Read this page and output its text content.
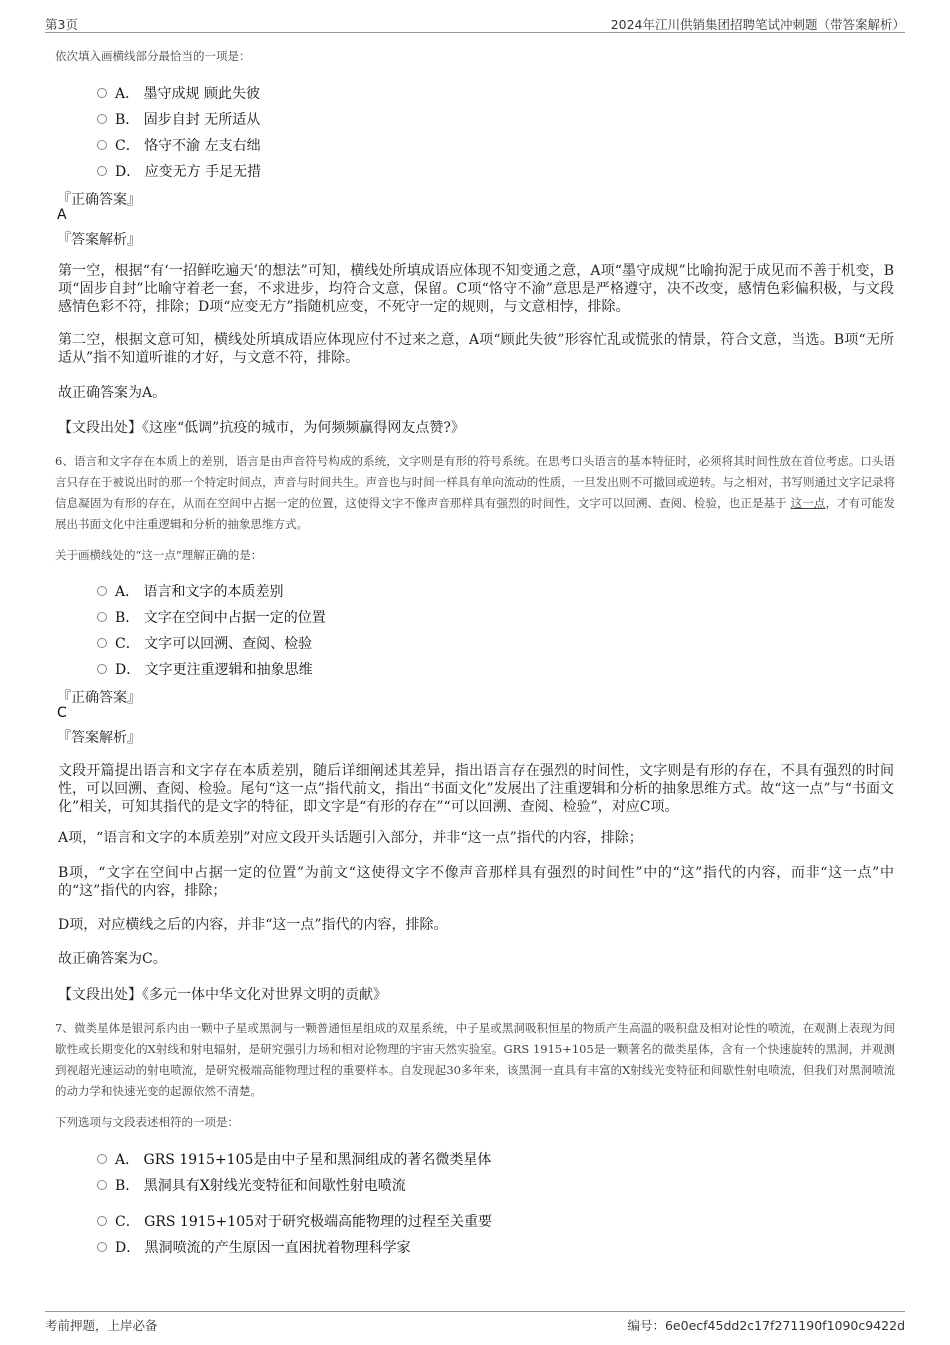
第3页	2024年江川供销集团招聘笔试冲刺题（带答案解析）
依次填入画横线部分最恰当的一项是：
A． 墨守成规 顾此失彼
B． 固步自封 无所适从
C． 恪守不渝 左支右绌
D． 应变无方 手足无措
『正确答案』
A
『答案解析』
第一空，根据“有‘一招鲜吃遍天’的想法”可知，横线处所填成语应体现不知变通之意，A项“墨守成规”比喻拘泥于成见而不善于机变，B项“固步自封”比喻守着老一套，不求进步，均符合文意，保留。C项“恪守不渝”意思是严格遵守，决不改变，感情色彩偏积极，与文段感情色彩不符，排除；D项“应变无方”指随机应变，不死守一定的规则，与文意相悖，排除。
第二空，根据文意可知，横线处所填成语应体现应付不过来之意，A项“顾此失彼”形容忙乱或慌张的情景，符合文意，当选。B项“无所适从”指不知道听谁的才好，与文意不符，排除。
故正确答案为A。
【文段出处】《这座“低调”抗疫的城市，为何频频赢得网友点赞?》
6、语言和文字存在本质上的差别，语言是由声音符号构成的系统，文字则是有形的符号系统。在思考口头语言的基本特征时，必须将其时间性放在首位考虑。口头语言只存在于被说出时的那一个特定时间点，声音与时间共生。声音也与时间一样具有单向流动的性质，一旦发出则不可撤回或逆转。与之相对，书写则通过文字记录将信息凝固为有形的存在，从而在空间中占据一定的位置，这使得文字不像声音那样具有强烈的时间性，文字可以回溯、查阅、检验，也正是基于 这一点，才有可能发展出书面文化中注重逻辑和分析的抽象思维方式。
关于画横线处的“这一点”理解正确的是：
A． 语言和文字的本质差别
B． 文字在空间中占据一定的位置
C． 文字可以回溯、查阅、检验
D． 文字更注重逻辑和抽象思维
『正确答案』
C
『答案解析』
文段开篇提出语言和文字存在本质差别，随后详细阐述其差异，指出语言存在强烈的时间性，文字则是有形的存在，不具有强烈的时间性，可以回溯、查阅、检验。尾句“这一点”指代前文，指出“书面文化”发展出了注重逻辑和分析的抽象思维方式。故“这一点”与“书面文化”相关，可知其指代的是文字的特征，即文字是“有形的存在”“可以回溯、查阅、检验”，对应C项。
A项，“语言和文字的本质差别”对应文段开头话题引入部分，并非“这一点”指代的内容，排除；
B项，“文字在空间中占据一定的位置”为前文“这使得文字不像声音那样具有强烈的时间性”中的“这”指代的内容，而非“这一点”中的“这”指代的内容，排除；
D项，对应横线之后的内容，并非“这一点”指代的内容，排除。
故正确答案为C。
【文段出处】《多元一体中华文化对世界文明的贡献》
7、微类星体是银河系内由一颗中子星或黑洞与一颗普通恒星组成的双星系统，中子星或黑洞吸积恒星的物质产生高温的吸积盘及相对论性的喷流，在观测上表现为间歇性或长期变化的X射线和射电辐射，是研究强引力场和相对论物理的宇宙天然实验室。GRS 1915+105是一颗著名的微类星体，含有一个快速旋转的黑洞，并观测到视超光速运动的射电喷流，是研究极端高能物理过程的重要样本。自发现起30多年来，该黑洞一直具有丰富的X射线光变特征和间歇性射电喷流，但我们对黑洞喷流的动力学和快速光变的起源依然不清楚。
下列选项与文段表述相符的一项是：
A． GRS 1915+105是由中子星和黑洞组成的著名微类星体
B． 黑洞具有X射线光变特征和间歇性射电喷流
C． GRS 1915+105对于研究极端高能物理的过程至关重要
D． 黑洞喷流的产生原因一直困扰着物理科学家
考前押题，上岸必备	编号：6e0ecf45dd2c17f271190f1090c9422d
